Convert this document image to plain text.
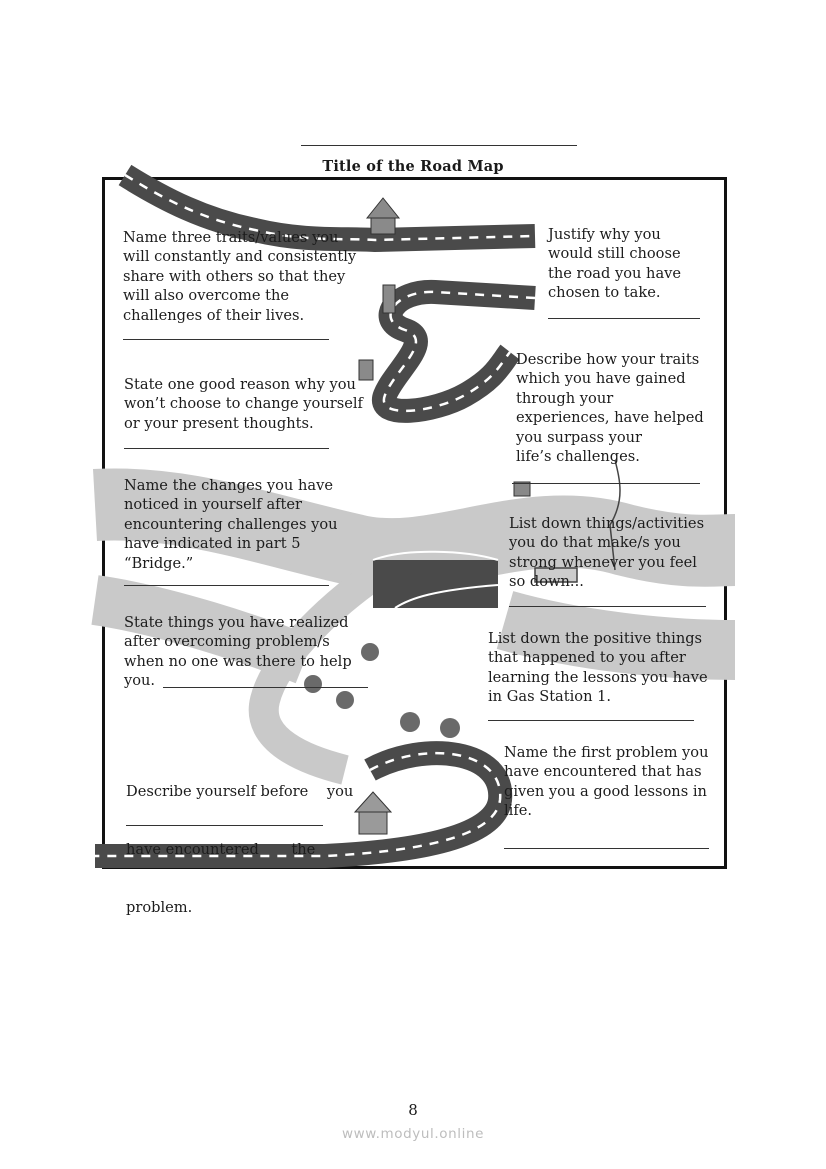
Title of the Road Map
Name three traits/values you
will constantly and consistently
share with others so that they
will also overcome the
challenges of their lives.
Justify why you
would still choose
the road you have
chosen to take.
State one good reason why you
won’t choose to change yourself
or your present thoughts.
Describe how your traits
which you have gained
through your
experiences, have helped
you surpass your
life’s challenges.
Name the changes you have
noticed in yourself after
encountering challenges you
have indicated in part 5
“Bridge.”
List down things/activities
you do that make/s you
strong whenever you feel
so down...
State things you have realized
after overcoming problem/s
when no one was there to help
you.
List down the positive things
that happened to you after
learning the lessons you have
in Gas Station 1.

Describe yourself before    you

have encountered       the

problem.

Name the first problem you
have encountered that has
given you a good lessons in
life.
8
www.modyul.online
